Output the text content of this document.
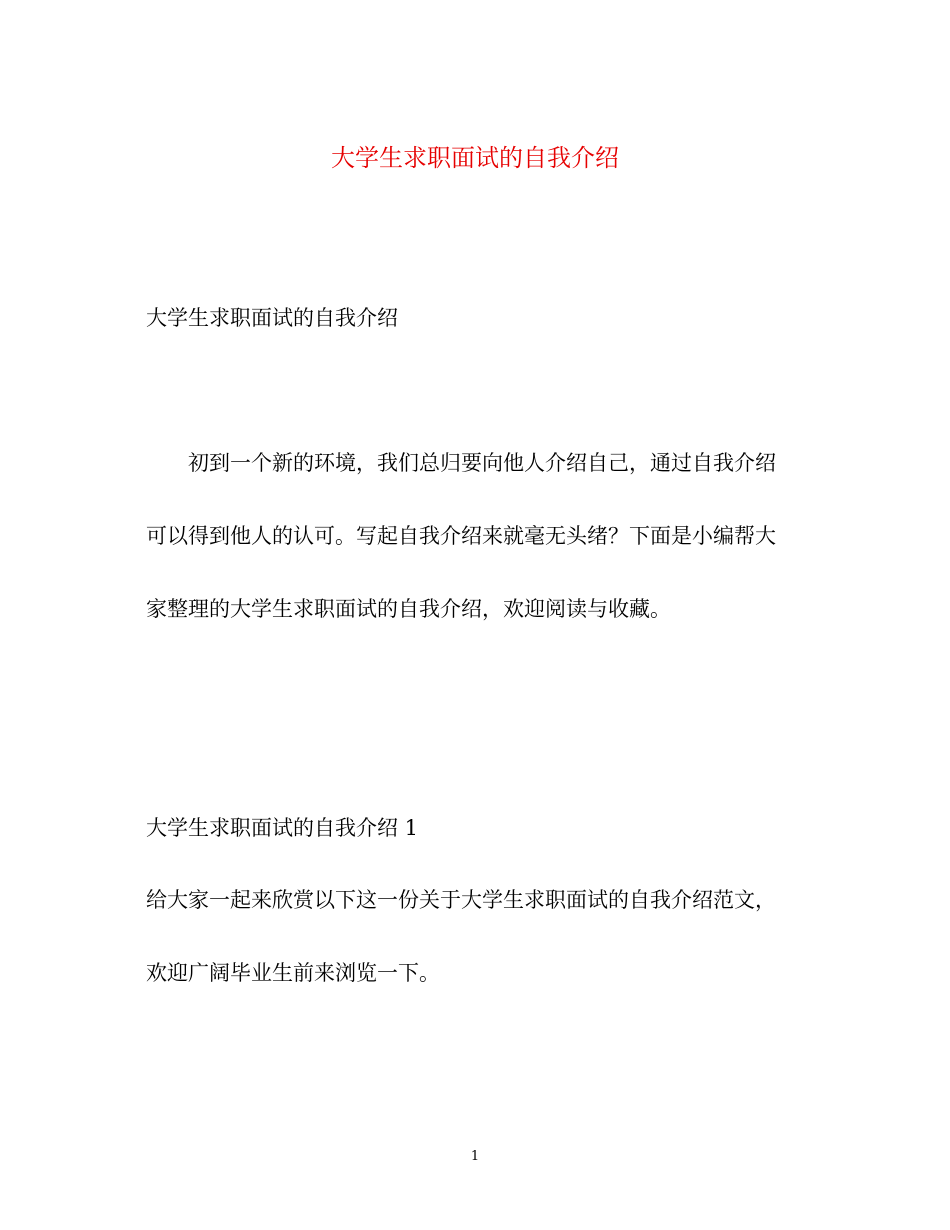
大学生求职面试的自我介绍
大学生求职面试的自我介绍
初到一个新的环境，我们总归要向他人介绍自己，通过自我介绍
可以得到他人的认可。写起自我介绍来就毫无头绪？下面是小编帮大
家整理的大学生求职面试的自我介绍，欢迎阅读与收藏。
大学生求职面试的自我介绍 1
给大家一起来欣赏以下这一份关于大学生求职面试的自我介绍范文，
欢迎广阔毕业生前来浏览一下。
1
